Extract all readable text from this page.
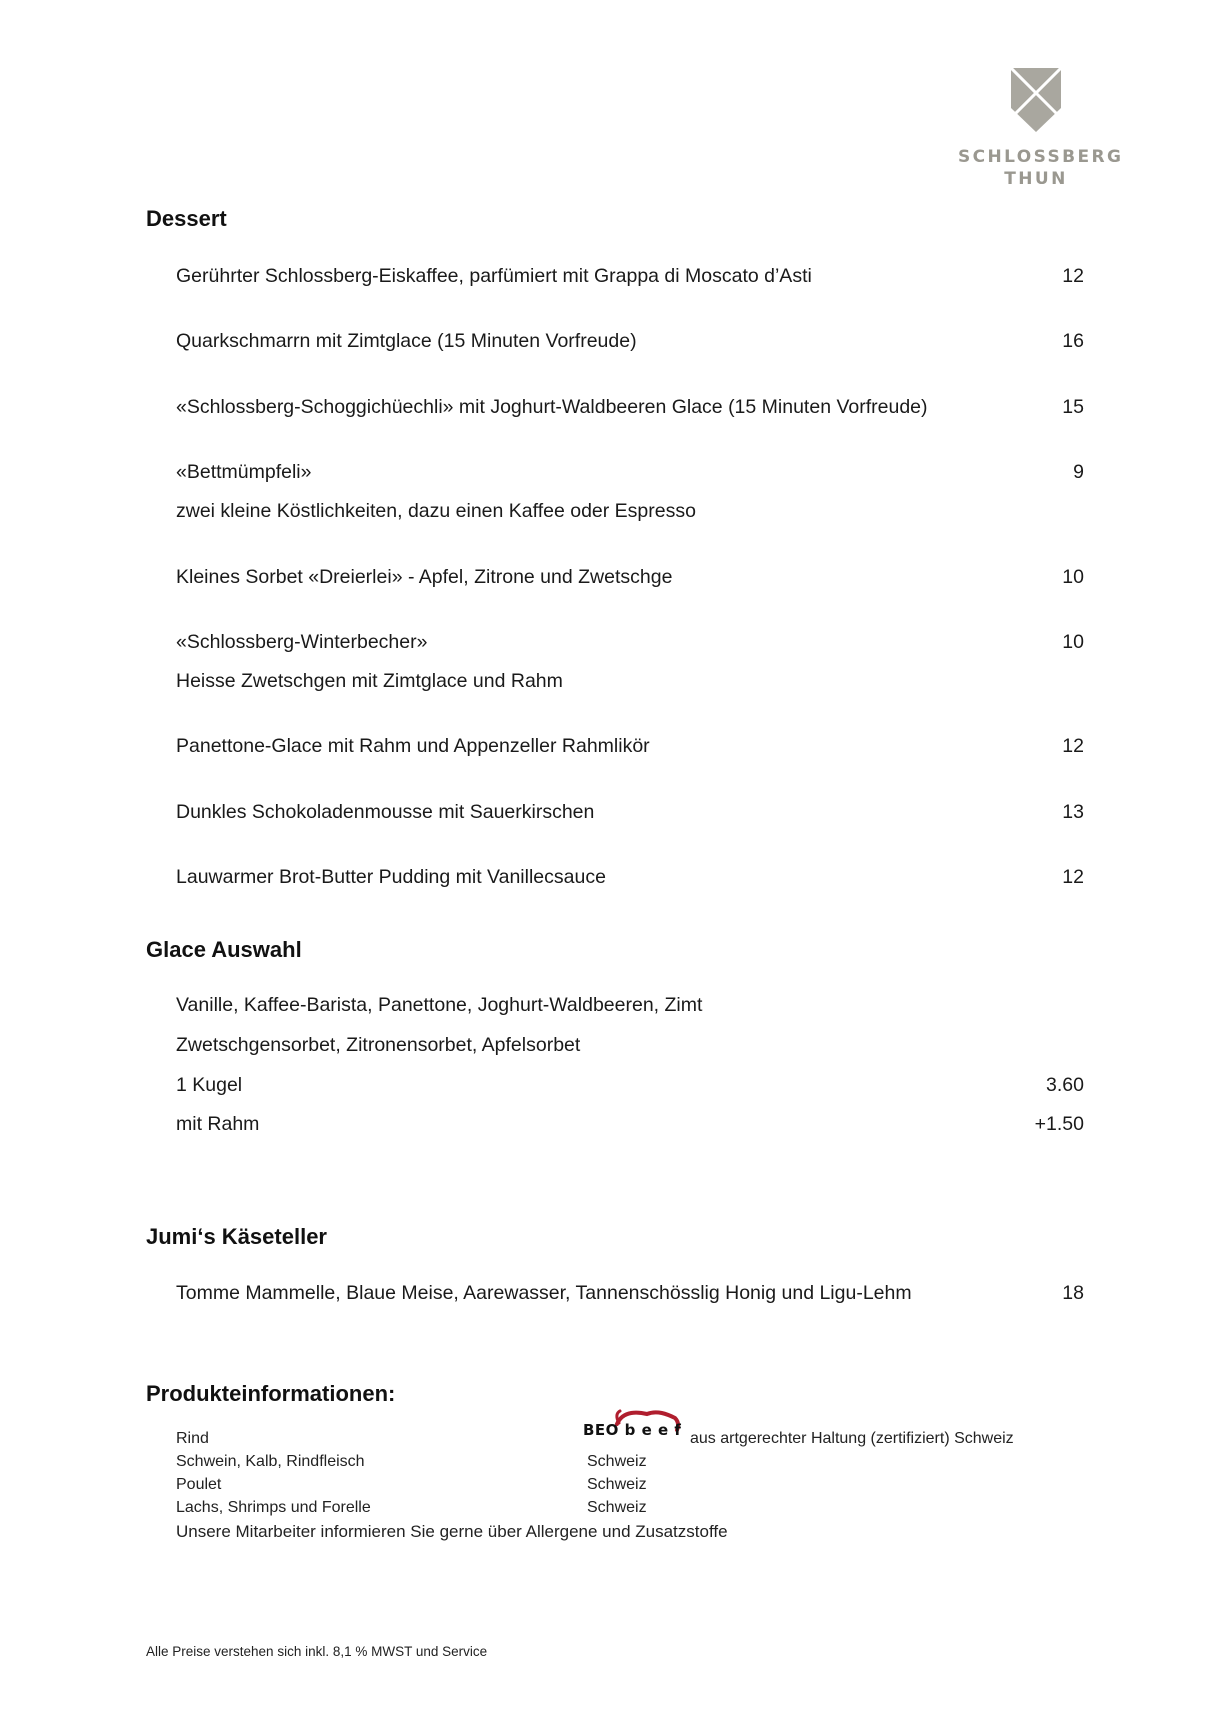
SCHLOSSBERG
THUN
Dessert
Gerührter Schlossberg-Eiskaffee, parfümiert mit Grappa di Moscato d’Asti	12
Quarkschmarrn mit Zimtglace (15 Minuten Vorfreude)	16
«Schlossberg-Schoggichüechli» mit Joghurt-Waldbeeren Glace (15 Minuten Vorfreude)	15
«Bettmümpfeli»	9
zwei kleine Köstlichkeiten, dazu einen Kaffee oder Espresso
Kleines Sorbet «Dreierlei» - Apfel, Zitrone und Zwetschge	10
«Schlossberg-Winterbecher»	10
Heisse Zwetschgen mit Zimtglace und Rahm
Panettone-Glace mit Rahm und Appenzeller Rahmlikör	12
Dunkles Schokoladenmousse mit Sauerkirschen	13
Lauwarmer Brot-Butter Pudding mit Vanillecsauce	12
Glace Auswahl
Vanille, Kaffee-Barista, Panettone, Joghurt-Waldbeeren, Zimt
Zwetschgensorbet, Zitronensorbet, Apfelsorbet
1 Kugel	3.60
mit Rahm	+1.50
Jumi‘s Käseteller
Tomme Mammelle, Blaue Meise, Aarewasser, Tannenschösslig Honig und Ligu-Lehm	18
Produkteinformationen:
Rind	BEO b e e f aus artgerechter Haltung (zertifiziert) Schweiz
Schwein, Kalb, Rindfleisch	Schweiz
Poulet	Schweiz
Lachs, Shrimps und Forelle	Schweiz
Unsere Mitarbeiter informieren Sie gerne über Allergene und Zusatzstoffe
Alle Preise verstehen sich inkl. 8,1 % MWST und Service
